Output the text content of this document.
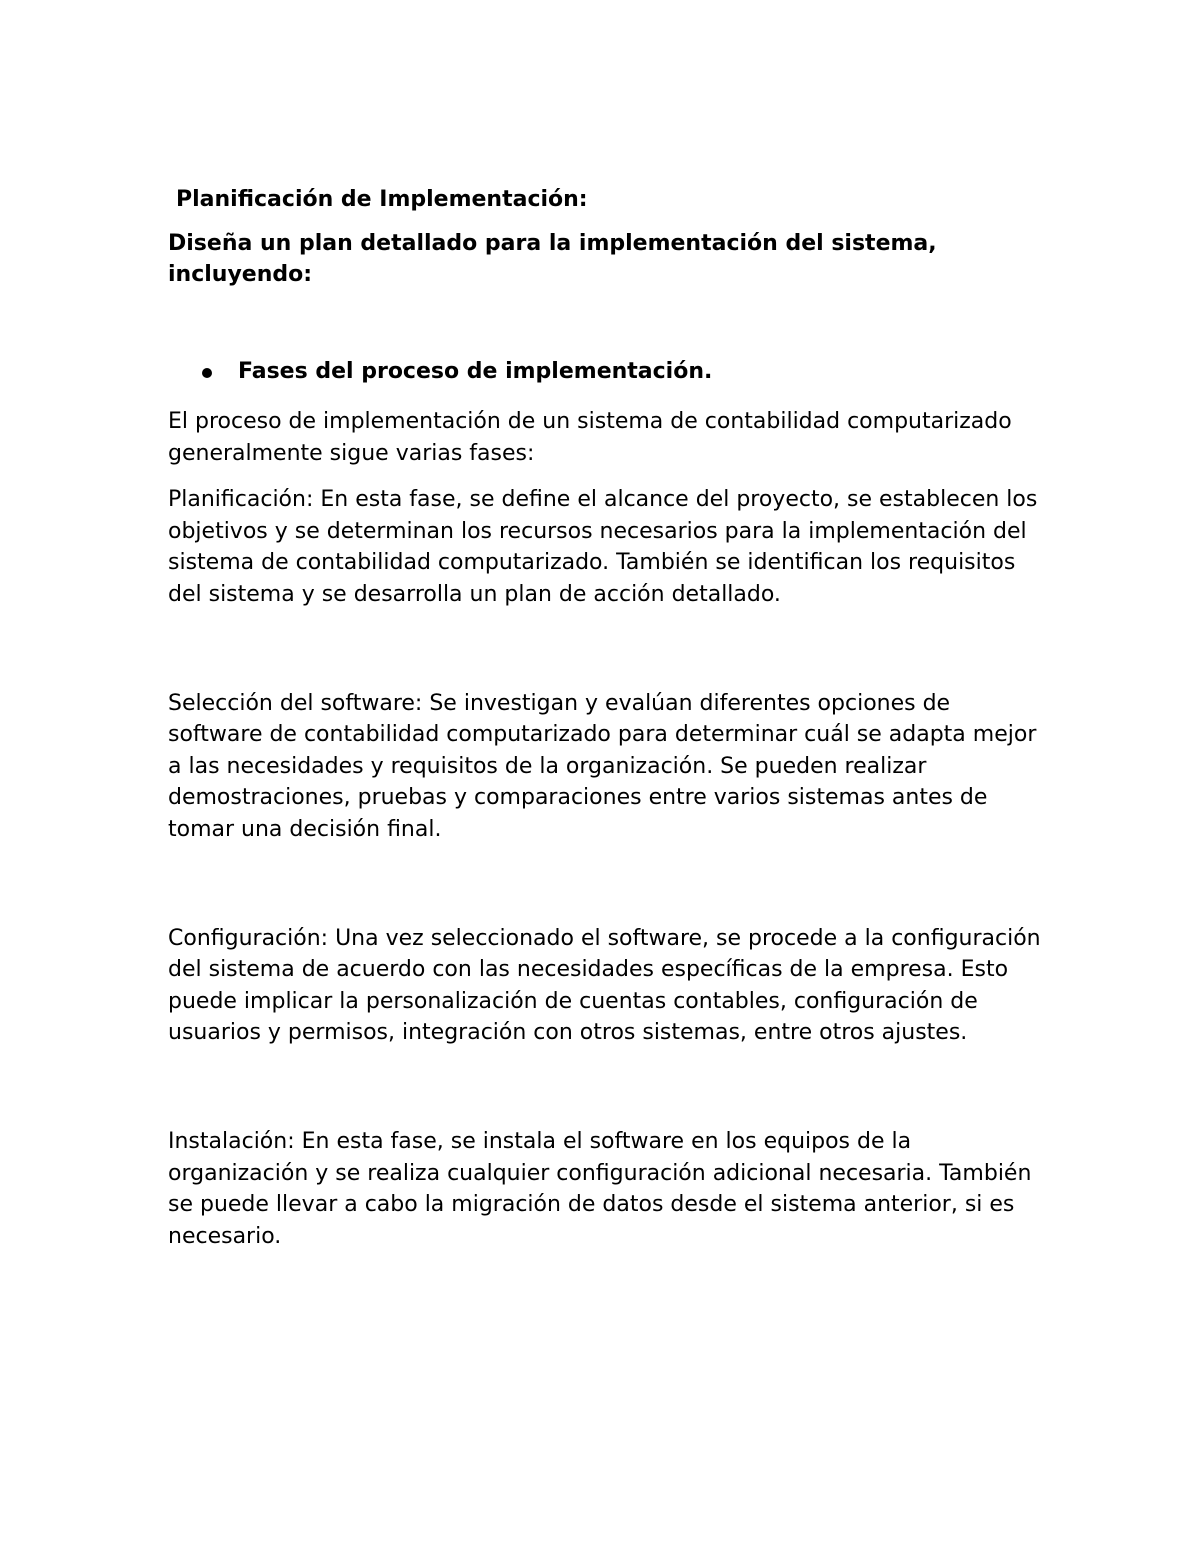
Planificación de Implementación:

Diseña un plan detallado para la implementación del sistema, incluyendo:

Fases del proceso de implementación.

El proceso de implementación de un sistema de contabilidad computarizado generalmente sigue varias fases:

Planificación: En esta fase, se define el alcance del proyecto, se establecen los objetivos y se determinan los recursos necesarios para la implementación del sistema de contabilidad computarizado. También se identifican los requisitos del sistema y se desarrolla un plan de acción detallado.

Selección del software: Se investigan y evalúan diferentes opciones de software de contabilidad computarizado para determinar cuál se adapta mejor a las necesidades y requisitos de la organización. Se pueden realizar demostraciones, pruebas y comparaciones entre varios sistemas antes de tomar una decisión final.

Configuración: Una vez seleccionado el software, se procede a la configuración del sistema de acuerdo con las necesidades específicas de la empresa. Esto puede implicar la personalización de cuentas contables, configuración de usuarios y permisos, integración con otros sistemas, entre otros ajustes.

Instalación: En esta fase, se instala el software en los equipos de la organización y se realiza cualquier configuración adicional necesaria. También se puede llevar a cabo la migración de datos desde el sistema anterior, si es necesario.
